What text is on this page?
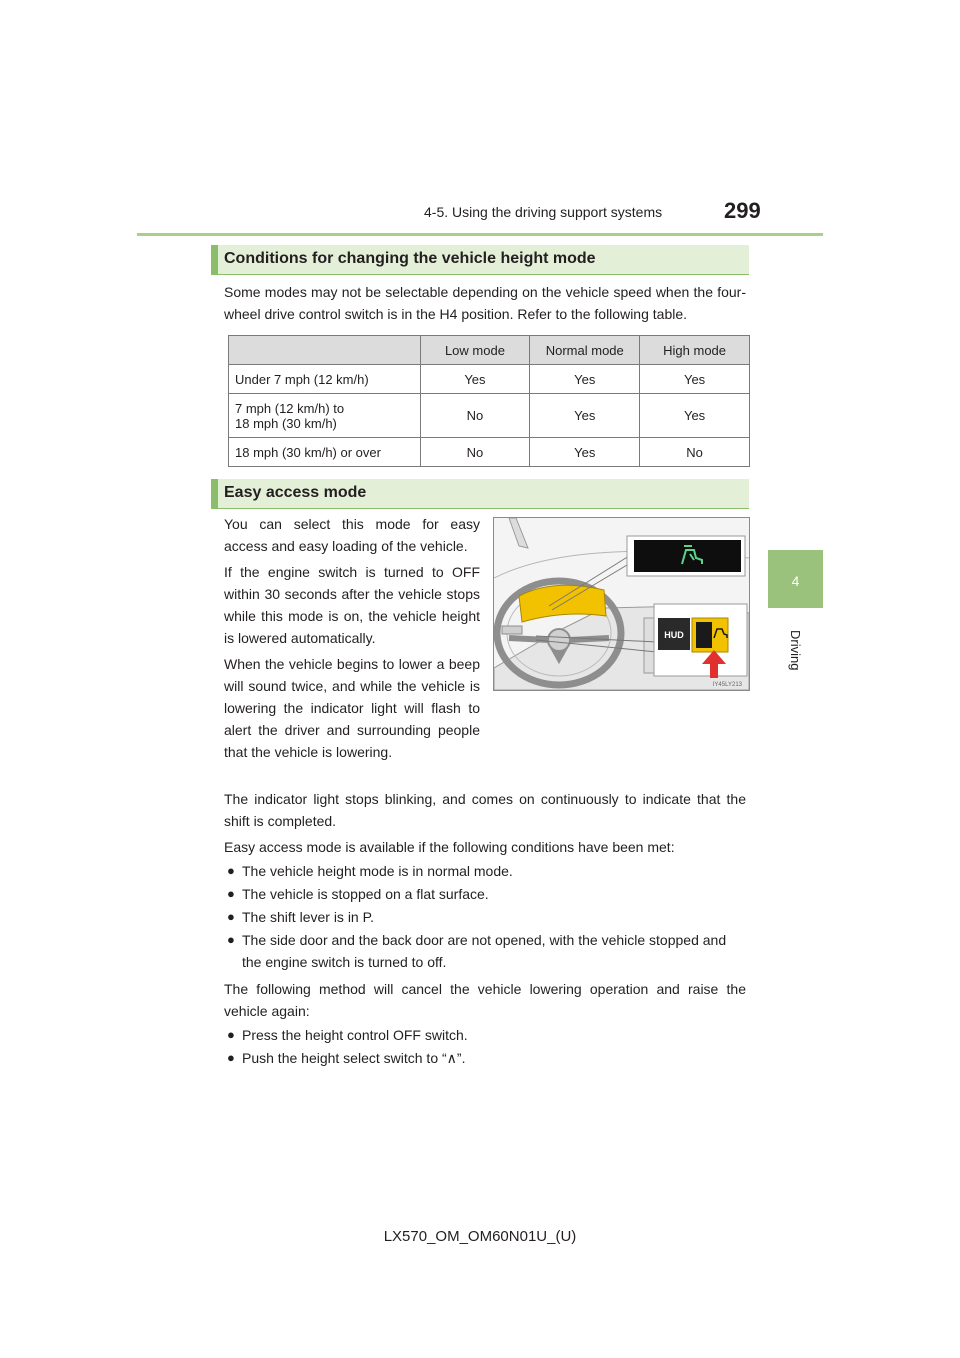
4-5. Using the driving support systems	299
4
Driving
Conditions for changing the vehicle height mode

Some modes may not be selectable depending on the vehicle speed when the four-wheel drive control switch is in the H4 position. Refer to the following table.

	Low mode	Normal mode	High mode
Under 7 mph (12 km/h)	Yes	Yes	Yes
7 mph (12 km/h) to
18 mph (30 km/h)	No	Yes	Yes
18 mph (30 km/h) or over	No	Yes	No
Easy access mode

You can select this mode for easy access and easy loading of the vehicle.

If the engine switch is turned to OFF within 30 seconds after the vehicle stops while this mode is on, the vehicle height is lowered automatically.

When the vehicle begins to lower a beep will sound twice, and while the vehicle is lowering the indicator light will flash to alert the driver and surrounding people that the vehicle is lowering.

HUD
IY45LY213

The indicator light stops blinking, and comes on continuously to indicate that the shift is completed.

Easy access mode is available if the following conditions have been met:

● The vehicle height mode is in normal mode.
● The vehicle is stopped on a flat surface.
● The shift lever is in P.
● The side door and the back door are not opened, with the vehicle stopped and the engine switch is turned to off.

The following method will cancel the vehicle lowering operation and raise the vehicle again:

● Press the height control OFF switch.
● Push the height select switch to “∧”.
LX570_OM_OM60N01U_(U)
